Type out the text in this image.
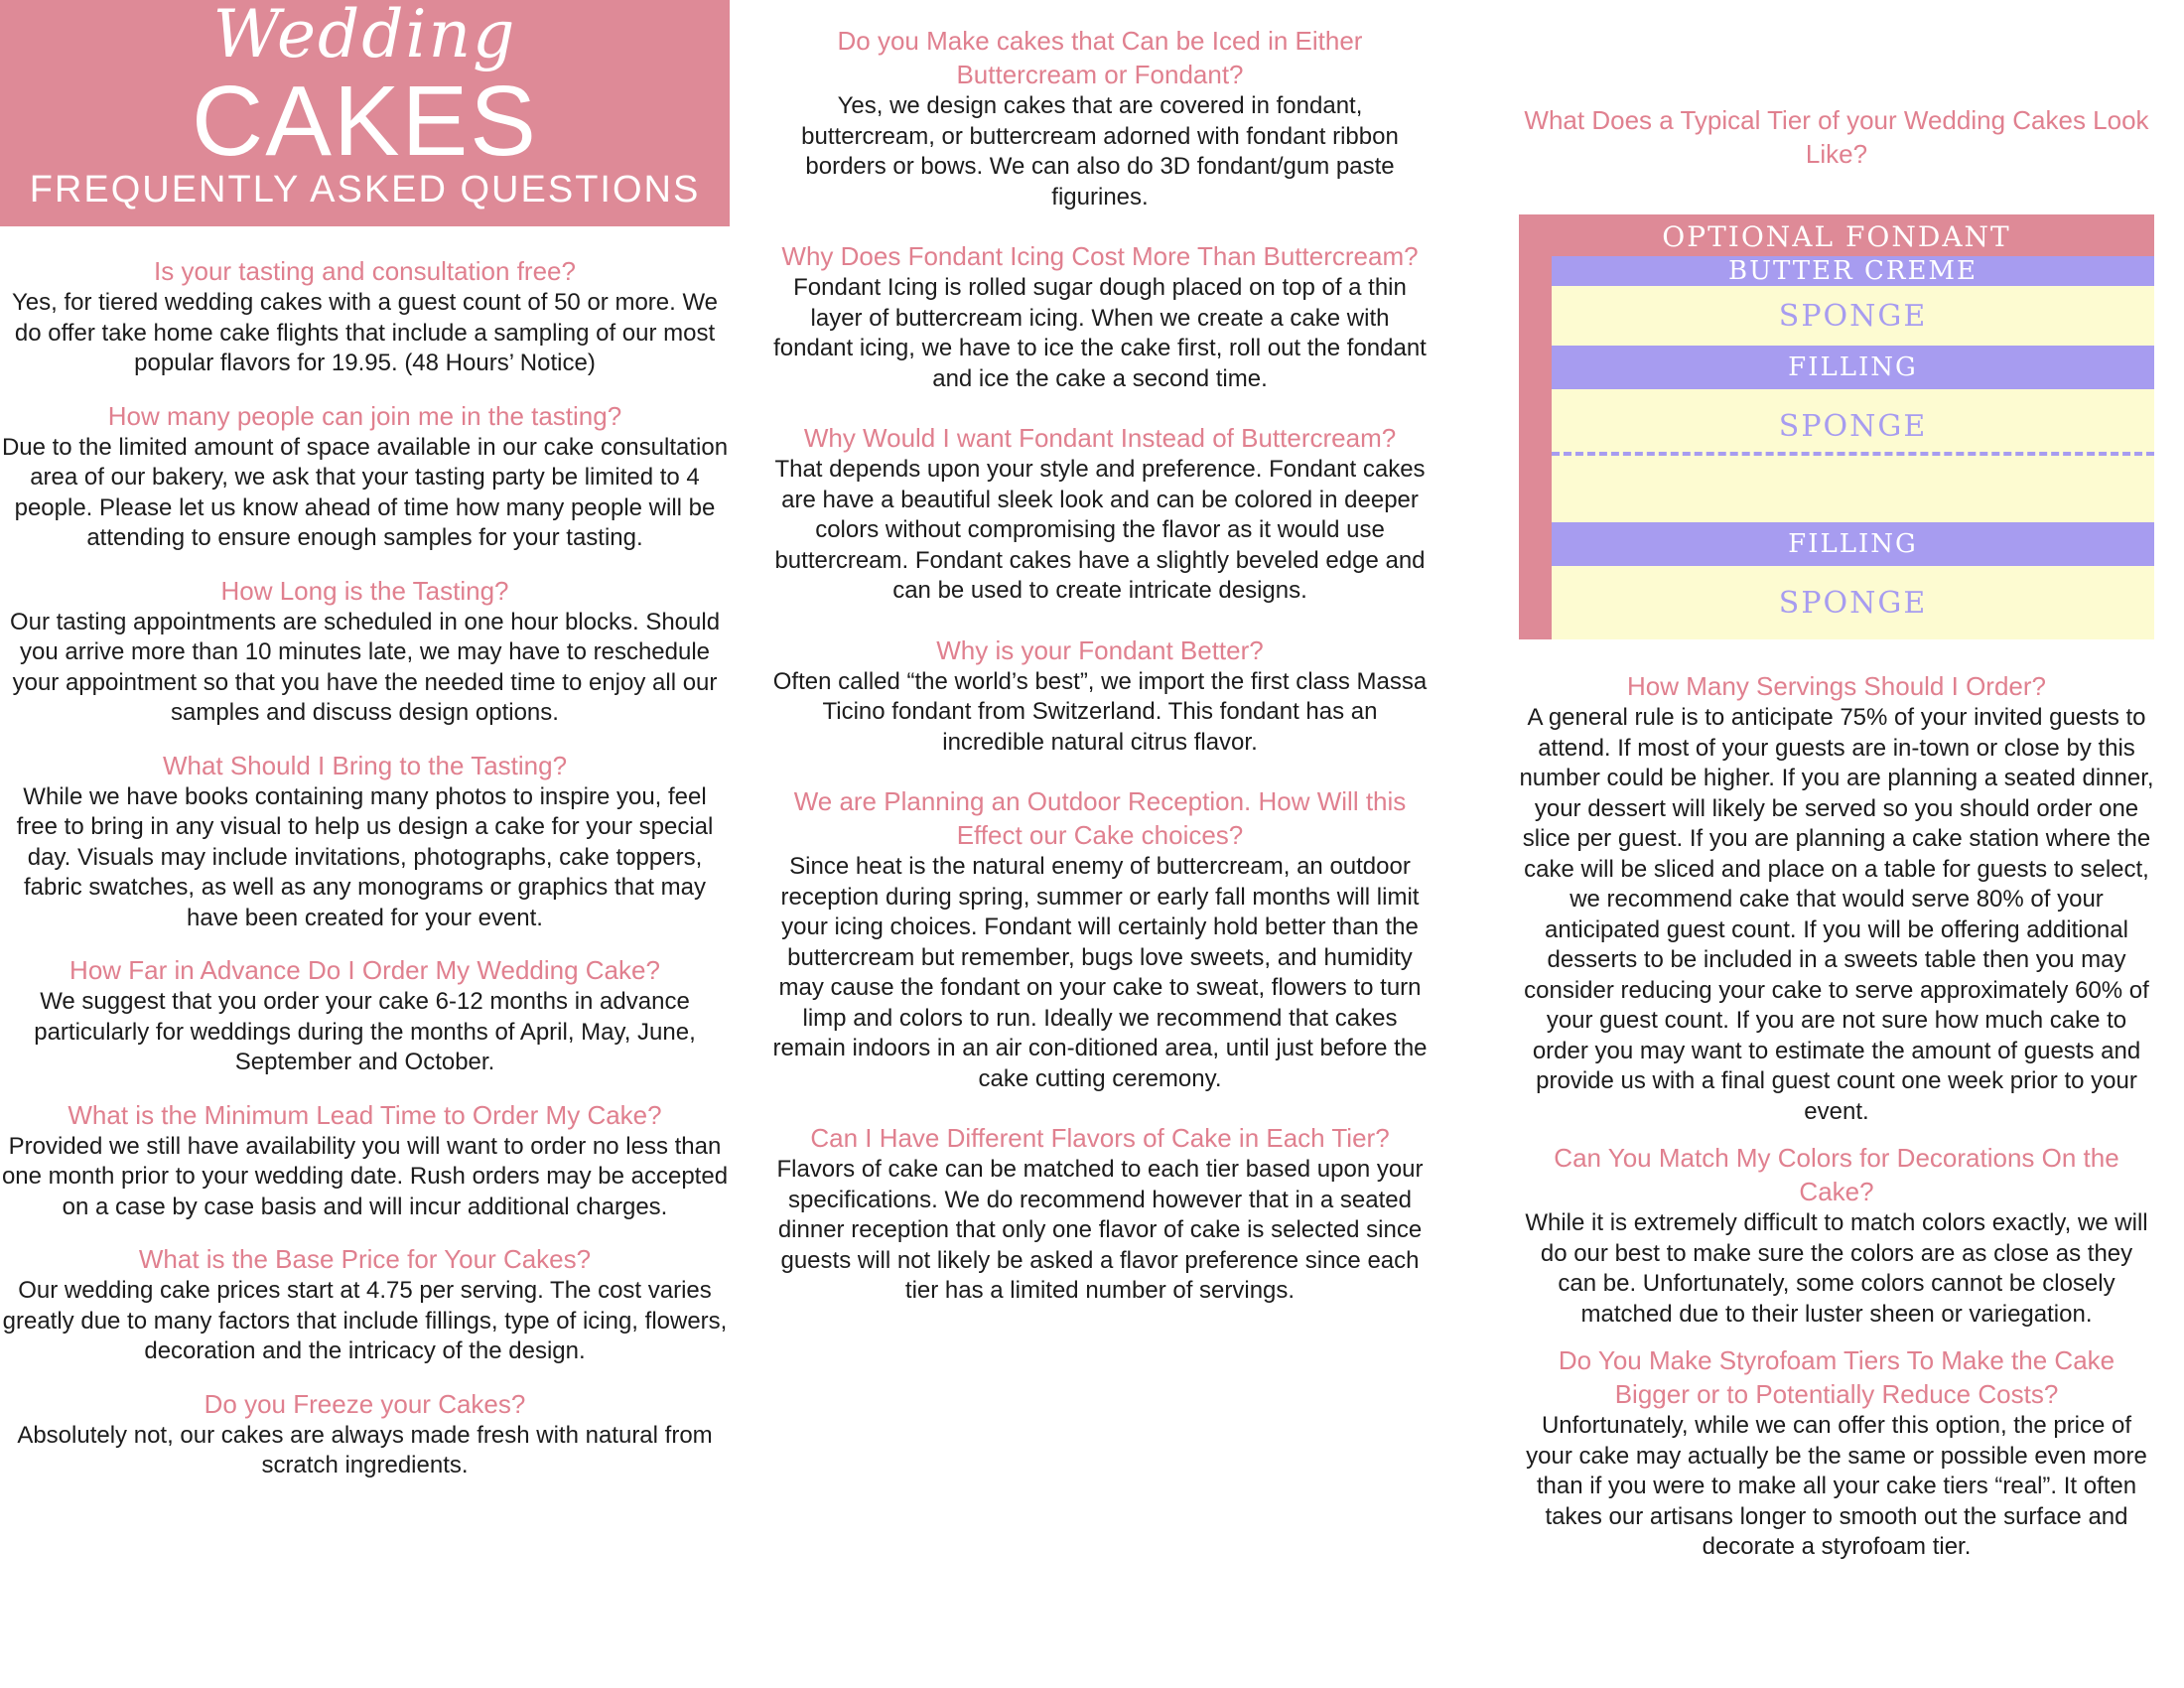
Wedding
CAKES
FREQUENTLY ASKED QUESTIONS
Is your tasting and consultation free?

Yes, for tiered wedding cakes with a guest count of 50 or more. We do offer take home cake flights that include a sampling of our most popular flavors for 19.95. (48 Hours’ Notice)

How many people can join me in the tasting?

Due to the limited amount of space available in our cake consultation area of our bakery, we ask that your tasting party be limited to 4 people. Please let us know ahead of time how many people will be attending to ensure enough samples for your tasting.

How Long is the Tasting?

Our tasting appointments are scheduled in one hour blocks. Should you arrive more than 10 minutes late, we may have to reschedule your appointment so that you have the needed time to enjoy all our samples and discuss design options.

What Should I Bring to the Tasting?

While we have books containing many photos to inspire you, feel free to bring in any visual to help us design a cake for your special day. Visuals may include invitations, photographs, cake toppers, fabric swatches, as well as any monograms or graphics that may have been created for your event.

How Far in Advance Do I Order My Wedding Cake?

We suggest that you order your cake 6-12 months in advance particularly for weddings during the months of April, May, June, September and October.

What is the Minimum Lead Time to Order My Cake?

Provided we still have availability you will want to order no less than one month prior to your wedding date. Rush orders may be accepted on a case by case basis and will incur additional charges.

What is the Base Price for Your Cakes?

Our wedding cake prices start at 4.75 per serving. The cost varies greatly due to many factors that include fillings, type of icing, flowers, decoration and the intricacy of the design.

Do you Freeze your Cakes?

Absolutely not, our cakes are always made fresh with natural from scratch ingredients.

Do you Make cakes that Can be Iced in Either Buttercream or Fondant?

Yes, we design cakes that are covered in fondant, buttercream, or buttercream adorned with fondant ribbon borders or bows. We can also do 3D fondant/gum paste figurines.

Why Does Fondant Icing Cost More Than Buttercream?

Fondant Icing is rolled sugar dough placed on top of a thin layer of buttercream icing. When we create a cake with fondant icing, we have to ice the cake first, roll out the fondant and ice the cake a second time.

Why Would I want Fondant Instead of Buttercream?

That depends upon your style and preference. Fondant cakes are have a beautiful sleek look and can be colored in deeper colors without compromising the flavor as it would use buttercream. Fondant cakes have a slightly beveled edge and can be used to create intricate designs.

Why is your Fondant Better?

Often called “the world’s best”, we import the first class Massa Ticino fondant from Switzerland. This fondant has an incredible natural citrus flavor.

We are Planning an Outdoor Reception. How Will this Effect our Cake choices?

Since heat is the natural enemy of buttercream, an outdoor reception during spring, summer or early fall months will limit your icing choices. Fondant will certainly hold better than the buttercream but remember, bugs love sweets, and humidity may cause the fondant on your cake to sweat, flowers to turn limp and colors to run. Ideally we recommend that cakes remain indoors in an air con-ditioned area, until just before the cake cutting ceremony.

Can I Have Different Flavors of Cake in Each Tier?

Flavors of cake can be matched to each tier based upon your specifications. We do recommend however that in a seated dinner reception that only one flavor of cake is selected since guests will not likely be asked a flavor preference since each tier has a limited number of servings.

What Does a Typical Tier of your Wedding Cakes Look Like?
OPTIONAL FONDANT
BUTTER CREME
SPONGE
FILLING
SPONGE
FILLING
SPONGE
How Many Servings Should I Order?

A general rule is to anticipate 75% of your invited guests to attend. If most of your guests are in-town or close by this number could be higher. If you are planning a seated dinner, your dessert will likely be served so you should order one slice per guest. If you are planning a cake station where the cake will be sliced and place on a table for guests to select, we recommend cake that would serve 80% of your anticipated guest count. If you will be offering additional desserts to be included in a sweets table then you may consider reducing your cake to serve approximately 60% of your guest count. If you are not sure how much cake to order you may want to estimate the amount of guests and provide us with a final guest count one week prior to your event.

Can You Match My Colors for Decorations On the Cake?

While it is extremely difficult to match colors exactly, we will do our best to make sure the colors are as close as they can be. Unfortunately, some colors cannot be closely matched due to their luster sheen or variegation.

Do You Make Styrofoam Tiers To Make the Cake Bigger or to Potentially Reduce Costs?

Unfortunately, while we can offer this option, the price of your cake may actually be the same or possible even more than if you were to make all your cake tiers “real”. It often takes our artisans longer to smooth out the surface and decorate a styrofoam tier.
